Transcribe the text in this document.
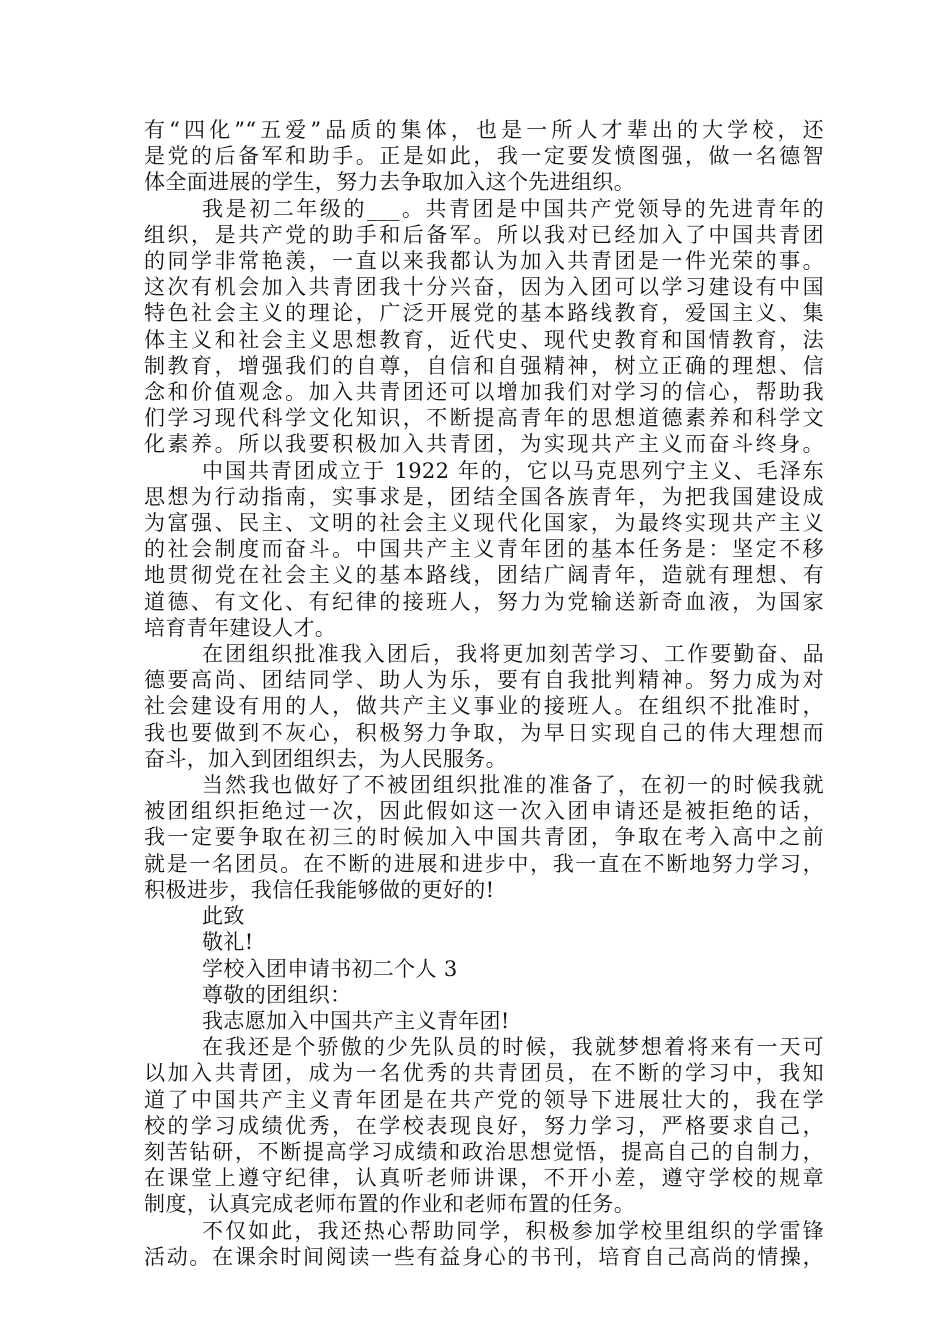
有“四化”“五爱”品质的集体，也是一所人才辈出的大学校，还
是党的后备军和助手。正是如此，我一定要发愤图强，做一名德智
体全面进展的学生，努力去争取加入这个先进组织。
我是初二年级的___。共青团是中国共产党领导的先进青年的
组织，是共产党的助手和后备军。所以我对已经加入了中国共青团
的同学非常艳羡，一直以来我都认为加入共青团是一件光荣的事。
这次有机会加入共青团我十分兴奋，因为入团可以学习建设有中国
特色社会主义的理论，广泛开展党的基本路线教育，爱国主义、集
体主义和社会主义思想教育，近代史、现代史教育和国情教育，法
制教育，增强我们的自尊，自信和自强精神，树立正确的理想、信
念和价值观念。加入共青团还可以增加我们对学习的信心，帮助我
们学习现代科学文化知识，不断提高青年的思想道德素养和科学文
化素养。所以我要积极加入共青团，为实现共产主义而奋斗终身。
中国共青团成立于 1922 年的，它以马克思列宁主义、毛泽东
思想为行动指南，实事求是，团结全国各族青年，为把我国建设成
为富强、民主、文明的社会主义现代化国家，为最终实现共产主义
的社会制度而奋斗。中国共产主义青年团的基本任务是：坚定不移
地贯彻党在社会主义的基本路线，团结广阔青年，造就有理想、有
道德、有文化、有纪律的接班人，努力为党输送新奇血液，为国家
培育青年建设人才。
在团组织批准我入团后，我将更加刻苦学习、工作要勤奋、品
德要高尚、团结同学、助人为乐，要有自我批判精神。努力成为对
社会建设有用的人，做共产主义事业的接班人。在组织不批准时，
我也要做到不灰心，积极努力争取，为早日实现自己的伟大理想而
奋斗，加入到团组织去，为人民服务。
当然我也做好了不被团组织批准的准备了，在初一的时候我就
被团组织拒绝过一次，因此假如这一次入团申请还是被拒绝的话，
我一定要争取在初三的时候加入中国共青团，争取在考入高中之前
就是一名团员。在不断的进展和进步中，我一直在不断地努力学习，
积极进步，我信任我能够做的更好的!
此致
敬礼!
学校入团申请书初二个人 3
尊敬的团组织：
我志愿加入中国共产主义青年团!
在我还是个骄傲的少先队员的时候，我就梦想着将来有一天可
以加入共青团，成为一名优秀的共青团员，在不断的学习中，我知
道了中国共产主义青年团是在共产党的领导下进展壮大的，我在学
校的学习成绩优秀，在学校表现良好，努力学习，严格要求自己，
刻苦钻研，不断提高学习成绩和政治思想觉悟，提高自己的自制力，
在课堂上遵守纪律，认真听老师讲课，不开小差，遵守学校的规章
制度，认真完成老师布置的作业和老师布置的任务。
不仅如此，我还热心帮助同学，积极参加学校里组织的学雷锋
活动。在课余时间阅读一些有益身心的书刊，培育自己高尚的情操，
